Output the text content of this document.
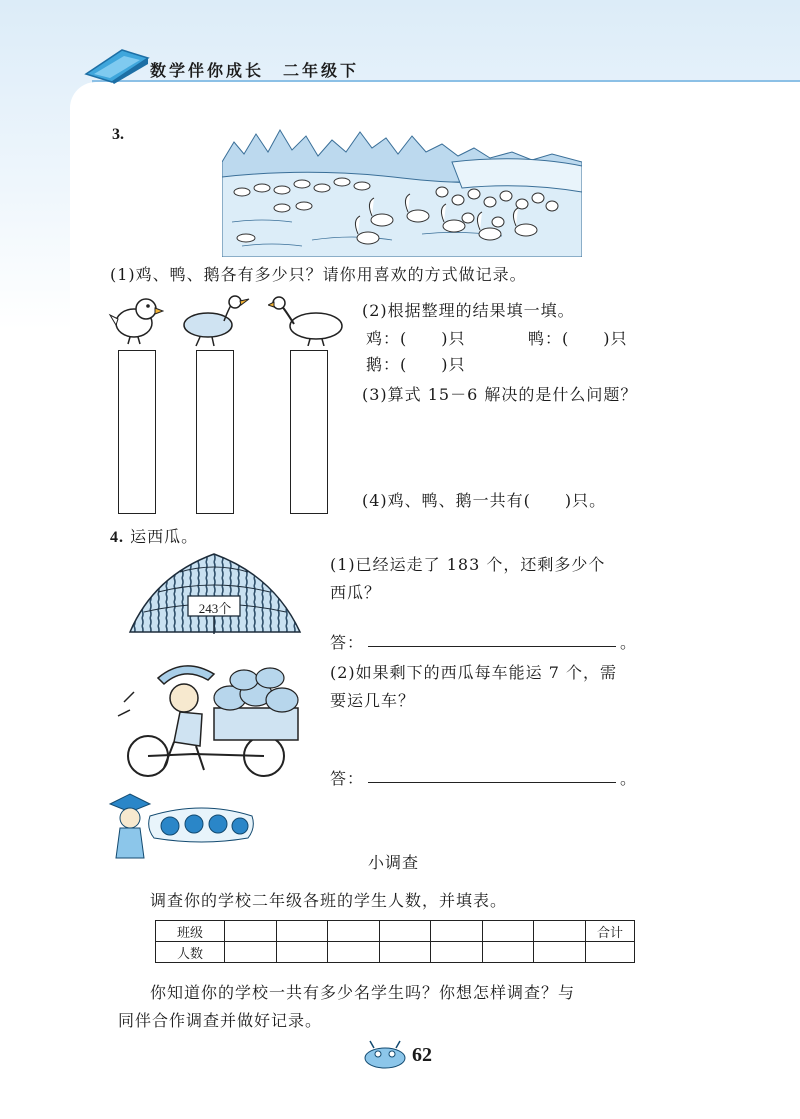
数学伴你成长　二年级下
3.
(1)鸡、鸭、鹅各有多少只？请你用喜欢的方式做记录。
(2)根据整理的结果填一填。
鸡：(　　)只	鸭：(　　)只
鹅：(　　)只
(3)算式 15－6 解决的是什么问题？
(4)鸡、鸭、鹅一共有(　　)只。
4. 运西瓜。
243个
(1)已经运走了 183 个，还剩多少个
西瓜？
答：	。
(2)如果剩下的西瓜每车能运 7 个，需
要运几车？
答：	。
小调查
调查你的学校二年级各班的学生人数，并填表。
班级								合计
人数								
你知道你的学校一共有多少名学生吗？你想怎样调查？与
同伴合作调查并做好记录。
62
